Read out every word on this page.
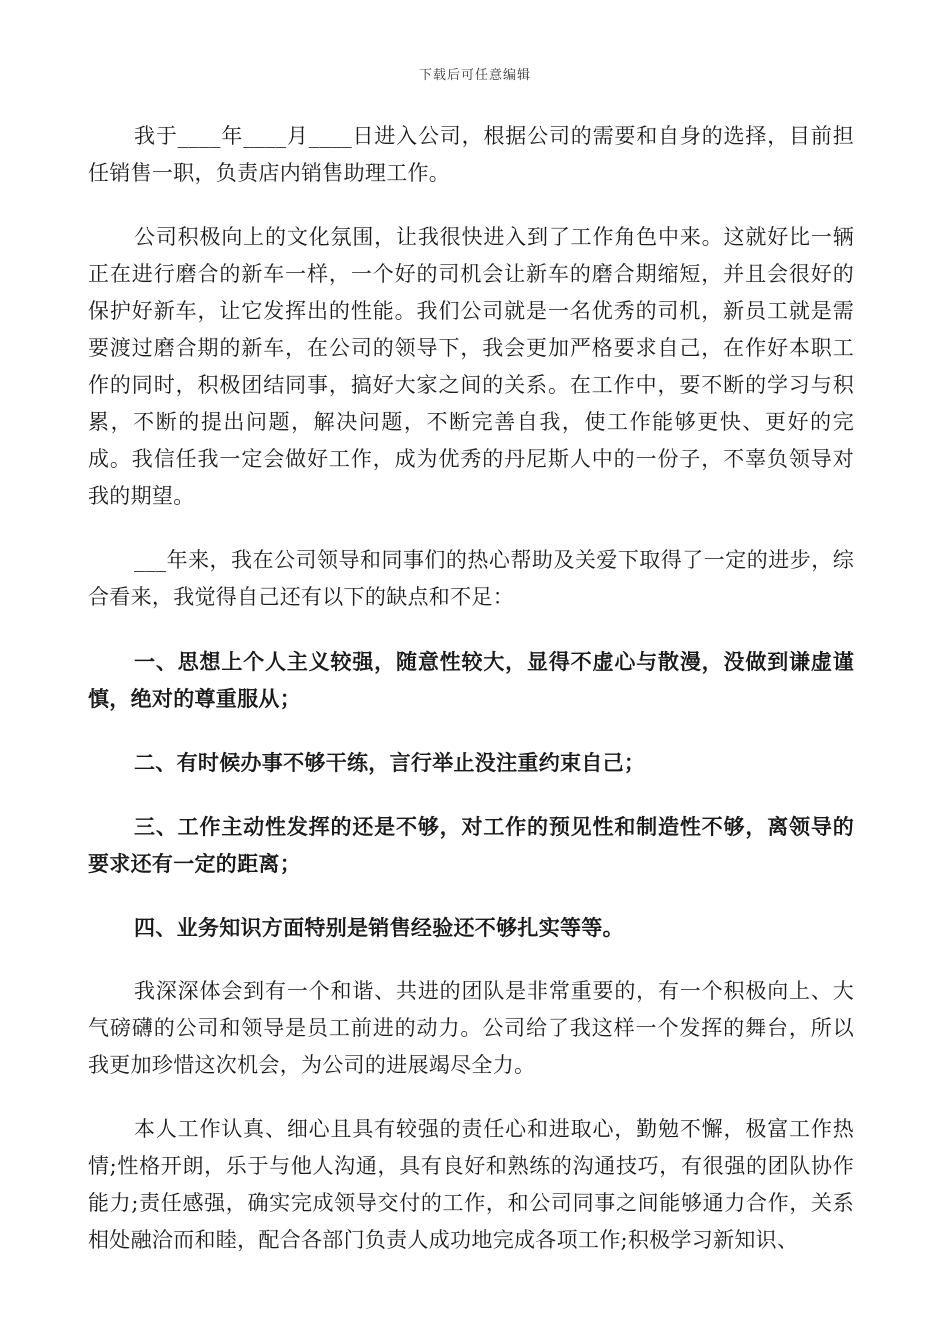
下载后可任意编辑

我于____年____月____日进入公司，根据公司的需要和自身的选择，目前担任销售一职，负责店内销售助理工作。

公司积极向上的文化氛围，让我很快进入到了工作角色中来。这就好比一辆正在进行磨合的新车一样，一个好的司机会让新车的磨合期缩短，并且会很好的保护好新车，让它发挥出的性能。我们公司就是一名优秀的司机，新员工就是需要渡过磨合期的新车，在公司的领导下，我会更加严格要求自己，在作好本职工作的同时，积极团结同事，搞好大家之间的关系。在工作中，要不断的学习与积累，不断的提出问题，解决问题，不断完善自我，使工作能够更快、更好的完成。我信任我一定会做好工作，成为优秀的丹尼斯人中的一份子，不辜负领导对我的期望。

___年来，我在公司领导和同事们的热心帮助及关爱下取得了一定的进步，综合看来，我觉得自己还有以下的缺点和不足：

一、思想上个人主义较强，随意性较大，显得不虚心与散漫，没做到谦虚谨慎，绝对的尊重服从；

二、有时候办事不够干练，言行举止没注重约束自己；

三、工作主动性发挥的还是不够，对工作的预见性和制造性不够，离领导的要求还有一定的距离；

四、业务知识方面特别是销售经验还不够扎实等等。

我深深体会到有一个和谐、共进的团队是非常重要的，有一个积极向上、大气磅礴的公司和领导是员工前进的动力。公司给了我这样一个发挥的舞台，所以我更加珍惜这次机会，为公司的进展竭尽全力。

本人工作认真、细心且具有较强的责任心和进取心，勤勉不懈，极富工作热情;性格开朗，乐于与他人沟通，具有良好和熟练的沟通技巧，有很强的团队协作能力;责任感强，确实完成领导交付的工作，和公司同事之间能够通力合作，关系相处融洽而和睦，配合各部门负责人成功地完成各项工作;积极学习新知识、
